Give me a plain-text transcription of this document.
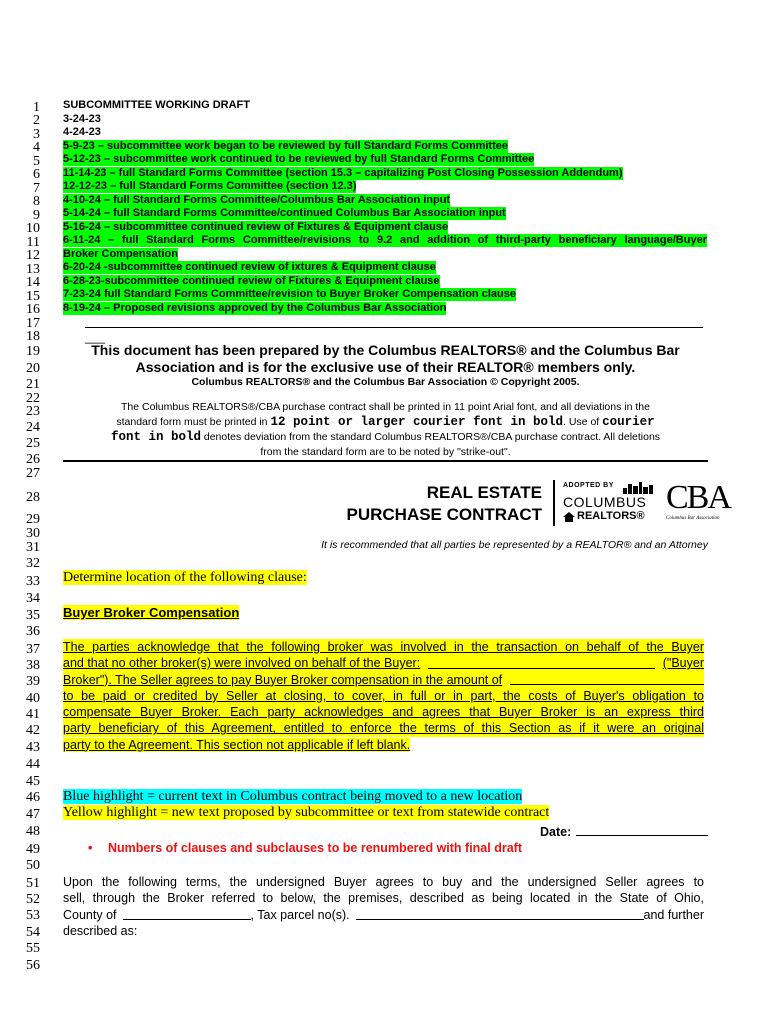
1
2
3
4
5
6
7
8
9
10
11
12
13
14
15
16
17
18
19
20
21
22
23
24
25
26
27
28
29
30
31
32
33
34
35
36
37
38
39
40
41
42
43
44
45
46
47
48
49
50
51
52
53
54
55
56
SUBCOMMITTEE WORKING DRAFT
3-24-23
4-24-23
5-9-23 – subcommittee work began to be reviewed by full Standard Forms Committee
5-12-23 – subcommittee work continued to be reviewed by full Standard Forms Committee
11-14-23 – full Standard Forms Committee (section 15.3 – capitalizing Post Closing Possession Addendum)
12-12-23 – full Standard Forms Committee (section 12.3)
4-10-24 – full Standard Forms Committee/Columbus Bar Association input
5-14-24 – full Standard Forms Committee/continued Columbus Bar Association input
5-16-24 – subcommittee continued review of Fixtures & Equipment clause
6-11-24 – full Standard Forms Committee/revisions to 9.2 and addition of third-party beneficiary language/Buyer
Broker Compensation
6-20-24 -subcommittee continued review of ixtures & Equipment clause
6-28-23-subcommittee continued review of Fixtures & Equipment clause
7-23-24 full Standard Forms Committee/revision to Buyer Broker Compensation clause
8-19-24 – Proposed revisions approved by the Columbus Bar Association
___
This document has been prepared by the Columbus REALTORS® and the Columbus Bar
Association and is for the exclusive use of their REALTOR® members only.
Columbus REALTORS® and the Columbus Bar Association © Copyright 2005.
The Columbus REALTORS®/CBA purchase contract shall be printed in 11 point Arial font, and all deviations in the
standard form must be printed in 12 point or larger courier font in bold. Use of courier
font in bold denotes deviation from the standard Columbus REALTORS®/CBA purchase contract. All deletions
from the standard form are to be noted by "strike-out".
REAL ESTATE
PURCHASE CONTRACT
ADOPTED BY
COLUMBUS
REALTORS® CBA
Columbus Bar Association
It is recommended that all parties be represented by a REALTOR® and an Attorney
Determine location of the following clause:
Buyer Broker Compensation
The parties acknowledge that the following broker was involved in the transaction on behalf of the Buyer
and that no other broker(s) were involved on behalf of the Buyer:	("Buyer
Broker"). The Seller agrees to pay Buyer Broker compensation in the amount of
to be paid or credited by Seller at closing, to cover, in full or in part, the costs of Buyer's obligation to
compensate Buyer Broker. Each party acknowledges and agrees that Buyer Broker is an express third
party beneficiary of this Agreement, entitled to enforce the terms of this Section as if it were an original
party to the Agreement. This section not applicable if left blank.
Blue highlight = current text in Columbus contract being moved to a new location
Yellow highlight = new text proposed by subcommittee or text from statewide contract
Date:
• Numbers of clauses and subclauses to be renumbered with final draft
Upon the following terms, the undersigned Buyer agrees to buy and the undersigned Seller agrees to
sell, through the Broker referred to below, the premises, described as being located in the State of Ohio,
County of	, Tax parcel no(s).	and further
described as:
